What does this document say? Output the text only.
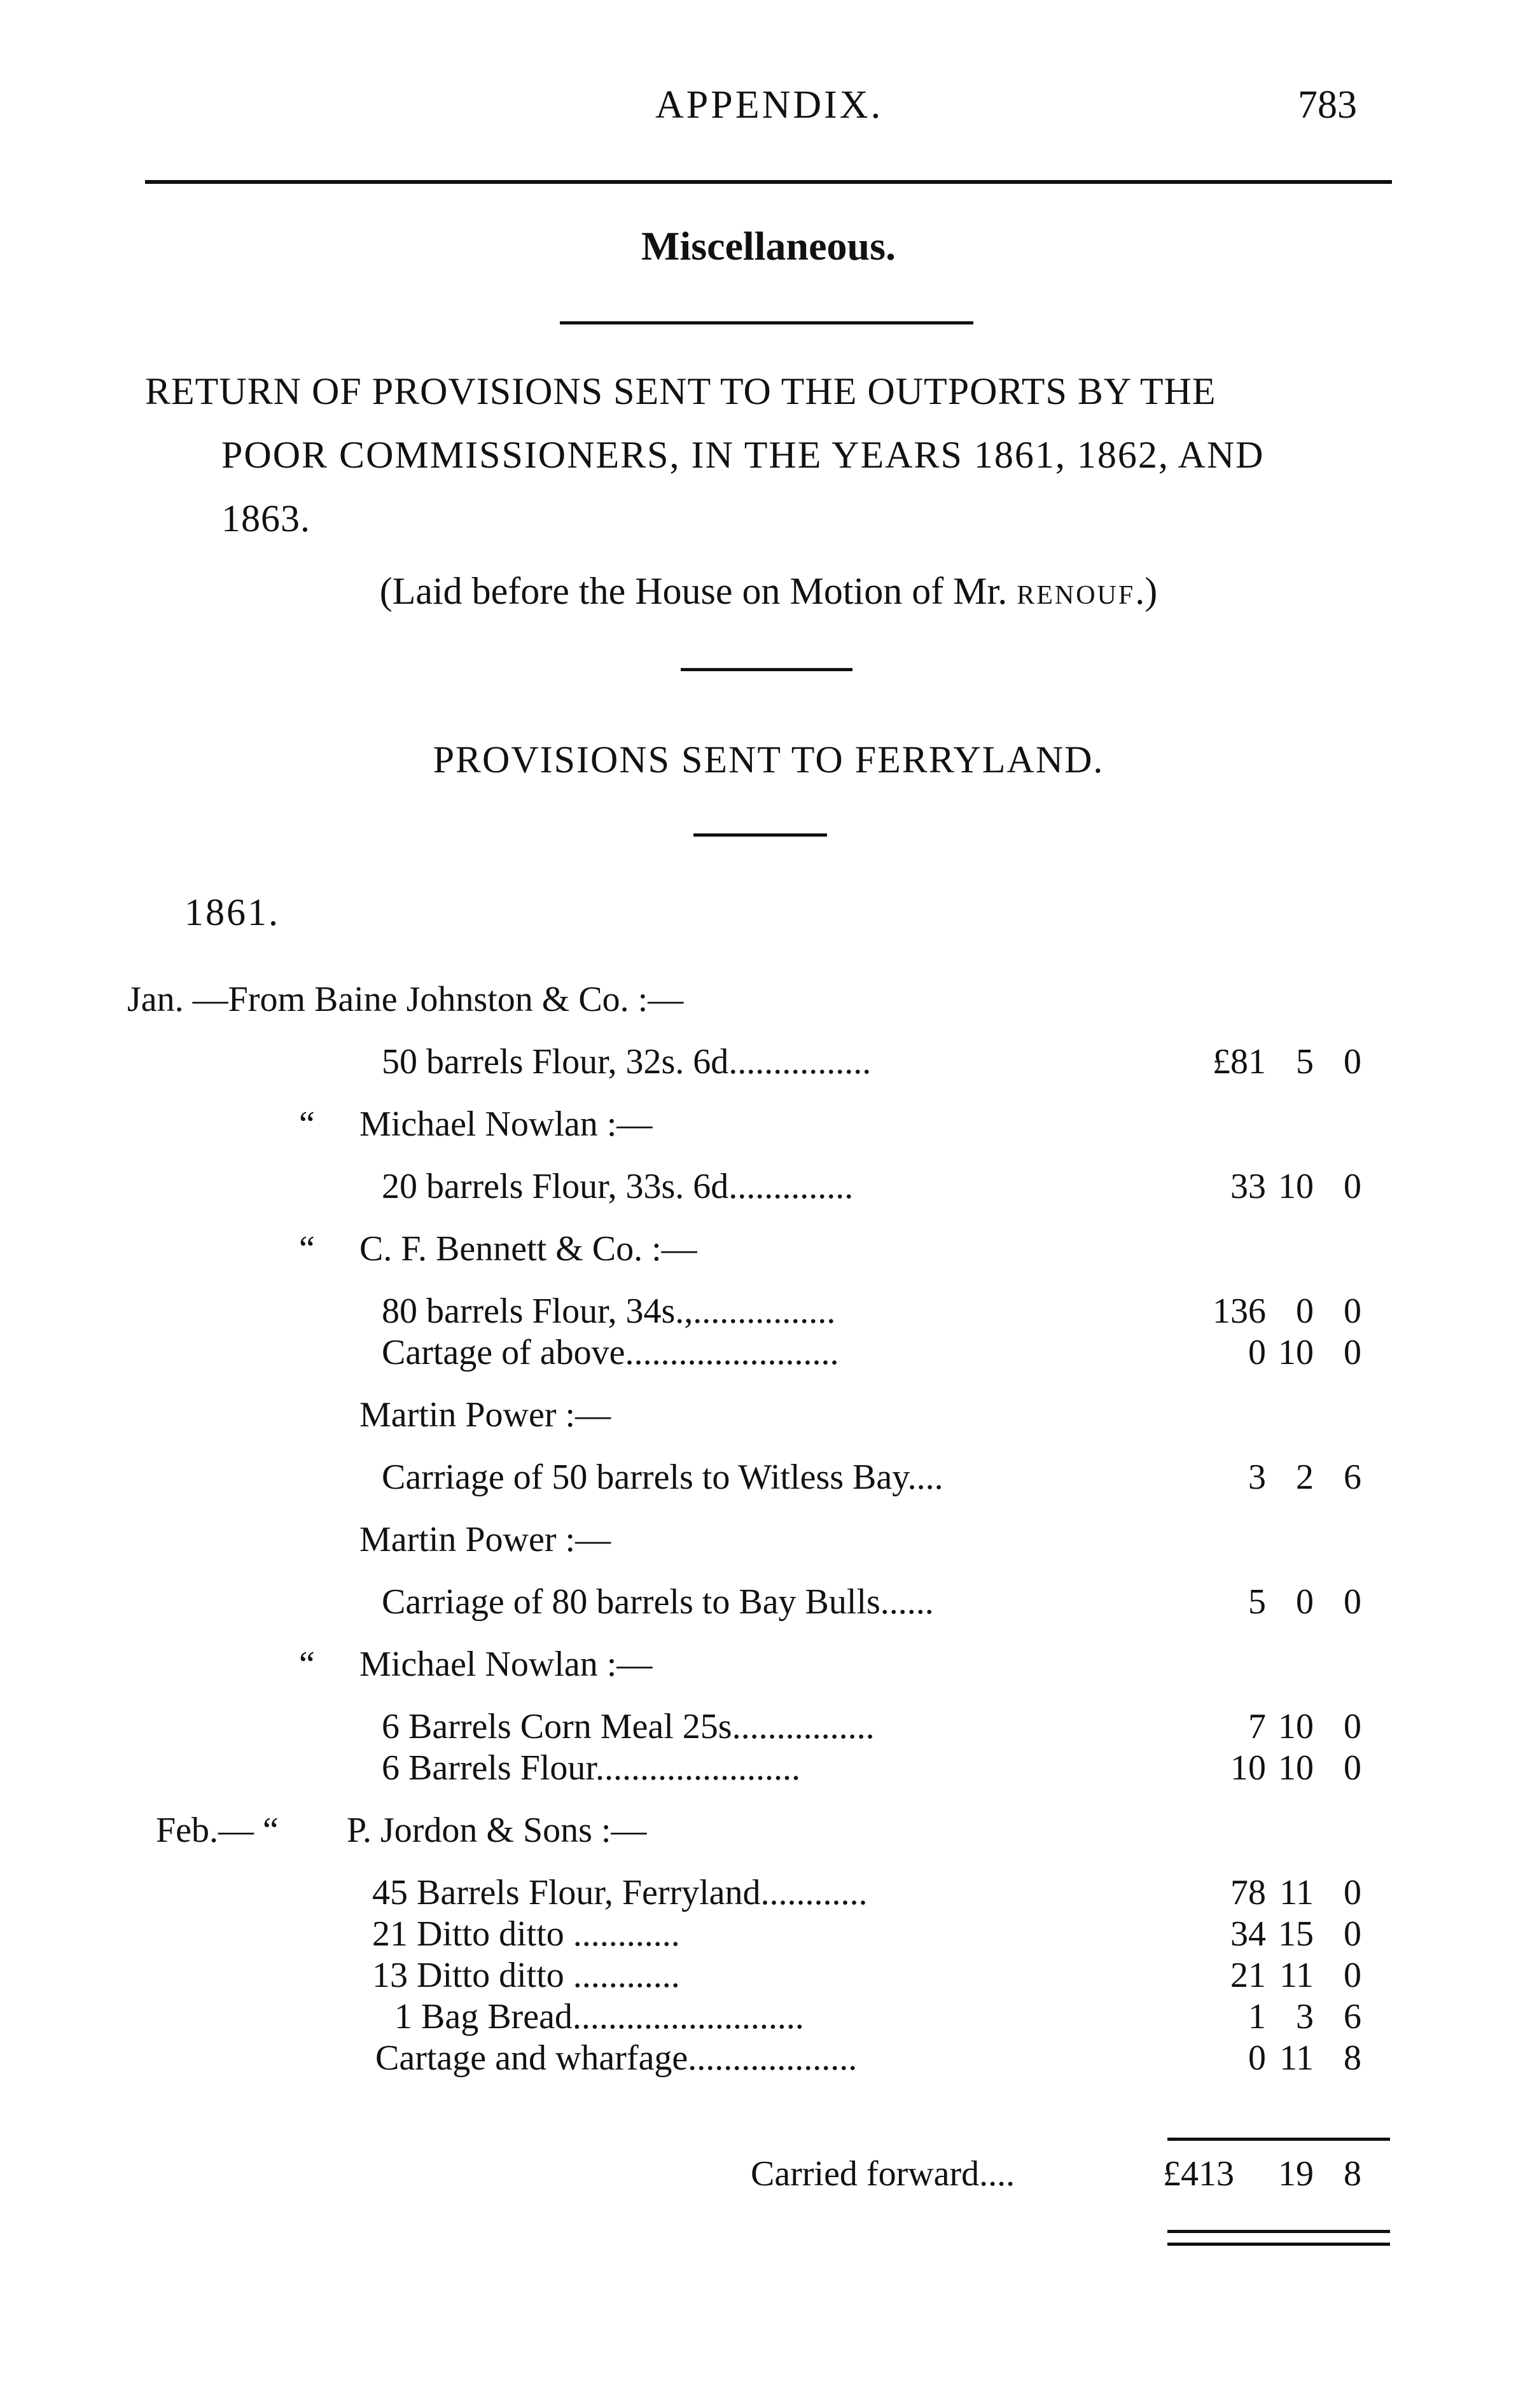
APPENDIX.	783
Miscellaneous.

RETURN OF PROVISIONS SENT TO THE OUTPORTS BY THE

POOR COMMISSIONERS, IN THE YEARS 1861, 1862, AND

1863.

(Laid before the House on Motion of Mr. RENOUF.)
PROVISIONS SENT TO FERRYLAND.
1861.
Jan. —From Baine Johnston & Co. :—
50 barrels Flour, 32s. 6d................	£81 5 0
“ Michael Nowlan :—
20 barrels Flour, 33s. 6d..............	33 10 0
“ C. F. Bennett & Co. :—
80 barrels Flour, 34s.,................	136 0 0
Cartage of above........................	0 10 0
Martin Power :—
Carriage of 50 barrels to Witless Bay....	3 2 6
Martin Power :—
Carriage of 80 barrels to Bay Bulls......	5 0 0
“ Michael Nowlan :—
6 Barrels Corn Meal 25s................	7 10 0
6 Barrels Flour.......................	10 10 0
Feb.— “ P. Jordon & Sons :—
45 Barrels Flour, Ferryland............	78 11 0
21 Ditto ditto ............	34 15 0
13 Ditto ditto ............	21 11 0
1 Bag Bread..........................	1 3 6
Cartage and wharfage...................	0 11 8
Carried forward....	£413	19 8
